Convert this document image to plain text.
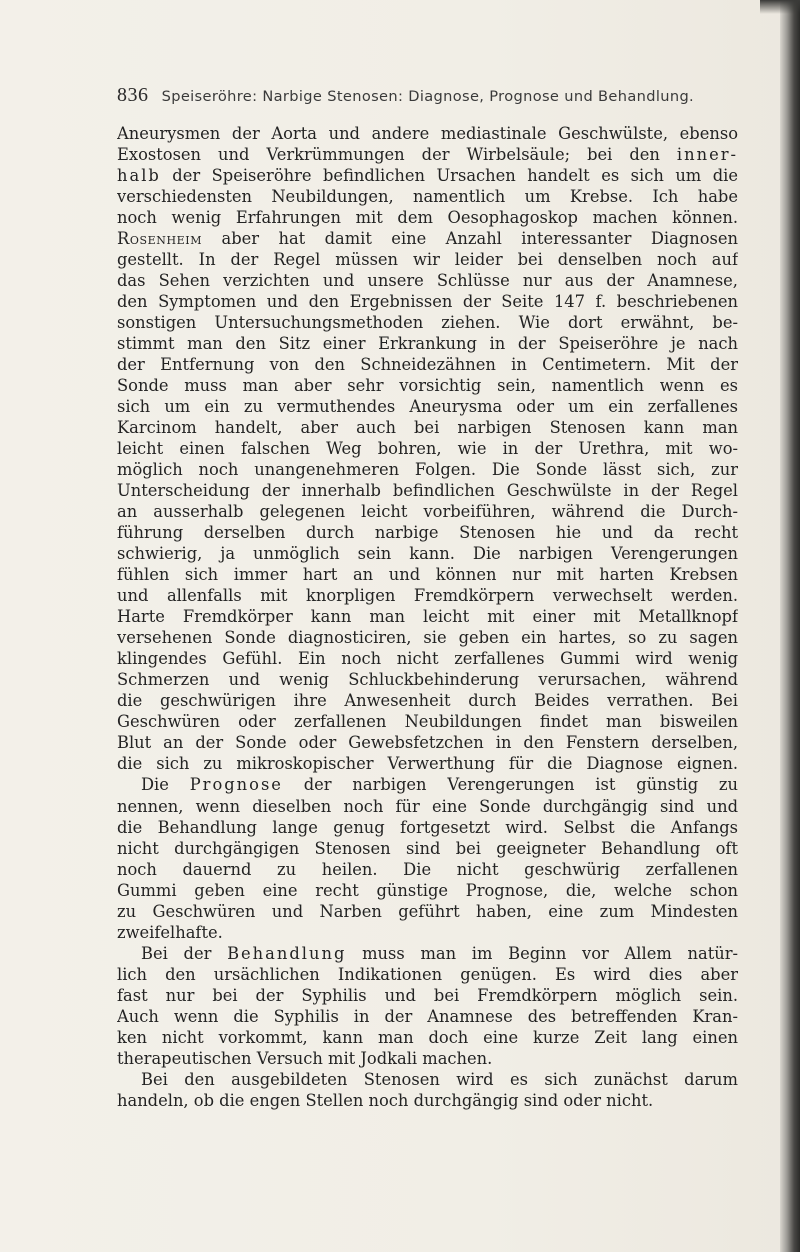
836 Speiseröhre: Narbige Stenosen: Diagnose, Prognose und Behandlung.
Aneurysmen der Aorta und andere mediastinale Geschwülste, ebenso
Exostosen und Verkrümmungen der Wirbelsäule; bei den inner-
halb der Speiseröhre befindlichen Ursachen handelt es sich um die
verschiedensten Neubildungen, namentlich um Krebse. Ich habe
noch wenig Erfahrungen mit dem Oesophagoskop machen können.
Rosenheim aber hat damit eine Anzahl interessanter Diagnosen
gestellt. In der Regel müssen wir leider bei denselben noch auf
das Sehen verzichten und unsere Schlüsse nur aus der Anamnese,
den Symptomen und den Ergebnissen der Seite 147 f. beschriebenen
sonstigen Untersuchungsmethoden ziehen. Wie dort erwähnt, be-
stimmt man den Sitz einer Erkrankung in der Speiseröhre je nach
der Entfernung von den Schneidezähnen in Centimetern. Mit der
Sonde muss man aber sehr vorsichtig sein, namentlich wenn es
sich um ein zu vermuthendes Aneurysma oder um ein zerfallenes
Karcinom handelt, aber auch bei narbigen Stenosen kann man
leicht einen falschen Weg bohren, wie in der Urethra, mit wo-
möglich noch unangenehmeren Folgen. Die Sonde lässt sich, zur
Unterscheidung der innerhalb befindlichen Geschwülste in der Regel
an ausserhalb gelegenen leicht vorbeiführen, während die Durch-
führung derselben durch narbige Stenosen hie und da recht
schwierig, ja unmöglich sein kann. Die narbigen Verengerungen
fühlen sich immer hart an und können nur mit harten Krebsen
und allenfalls mit knorpligen Fremdkörpern verwechselt werden.
Harte Fremdkörper kann man leicht mit einer mit Metallknopf
versehenen Sonde diagnosticiren, sie geben ein hartes, so zu sagen
klingendes Gefühl. Ein noch nicht zerfallenes Gummi wird wenig
Schmerzen und wenig Schluckbehinderung verursachen, während
die geschwürigen ihre Anwesenheit durch Beides verrathen. Bei
Geschwüren oder zerfallenen Neubildungen findet man bisweilen
Blut an der Sonde oder Gewebsfetzchen in den Fenstern derselben,
die sich zu mikroskopischer Verwerthung für die Diagnose eignen.
Die Prognose der narbigen Verengerungen ist günstig zu
nennen, wenn dieselben noch für eine Sonde durchgängig sind und
die Behandlung lange genug fortgesetzt wird. Selbst die Anfangs
nicht durchgängigen Stenosen sind bei geeigneter Behandlung oft
noch dauernd zu heilen. Die nicht geschwürig zerfallenen
Gummi geben eine recht günstige Prognose, die, welche schon
zu Geschwüren und Narben geführt haben, eine zum Mindesten
zweifelhafte.
Bei der Behandlung muss man im Beginn vor Allem natür-
lich den ursächlichen Indikationen genügen. Es wird dies aber
fast nur bei der Syphilis und bei Fremdkörpern möglich sein.
Auch wenn die Syphilis in der Anamnese des betreffenden Kran-
ken nicht vorkommt, kann man doch eine kurze Zeit lang einen
therapeutischen Versuch mit Jodkali machen.
Bei den ausgebildeten Stenosen wird es sich zunächst darum
handeln, ob die engen Stellen noch durchgängig sind oder nicht.
